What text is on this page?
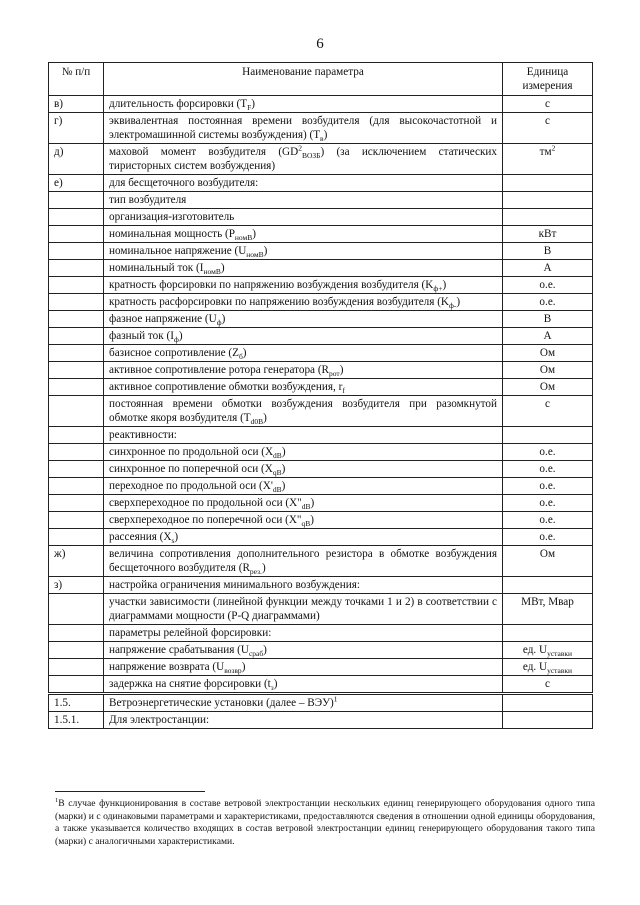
6
№ п/п	Наименование параметра	Единица
измерения
в)	длительность форсировки $(T_F)$	с
г)	эквивалентная постоянная времени возбудителя (для высокочастотной и электромашинной системы возбуждения) $(T_в)$	с
д)	маховой момент возбудителя $(GD^2_{ВОЗБ})$ (за исключением статических тиристорных систем возбуждения)	$тм^2$
е)	для бесщеточного возбудителя:	
	тип возбудителя	
	организация-изготовитель	
	номинальная мощность $(P_{номВ})$	кВт
	номинальное напряжение $(U_{номВ})$	В
	номинальный ток $(I_{номВ})$	А
	кратность форсировки по напряжению возбуждения возбудителя $(K_{ф+})$	о.е.
	кратность расфорсировки по напряжению возбуждения возбудителя $(K_{ф-})$	о.е.
	фазное напряжение $(U_ф)$	В
	фазный ток $(I_ф)$	А
	базисное сопротивление $(Z_б)$	Ом
	активное сопротивление ротора генератора $(R_{рот})$	Ом
	активное сопротивление обмотки возбуждения, $r_f$	Ом
	постоянная времени обмотки возбуждения возбудителя при разомкнутой обмотке якоря возбудителя $(T_{d0В})$	с
	реактивности:	
	синхронное по продольной оси $(X_{dВ})$	о.е.
	синхронное по поперечной оси $(X_{qВ})$	о.е.
	переходное по продольной оси $(X'_{dВ})$	о.е.
	сверхпереходное по продольной оси $(X"_{dВ})$	о.е.
	сверхпереходное по поперечной оси $(X"_{qВ})$	о.е.
	рассеяния $(X_s)$	о.е.
ж)	величина сопротивления дополнительного резистора в обмотке возбуждения бесщеточного возбудителя $(R_{рез.})$	Ом
з)	настройка ограничения минимального возбуждения:	
	участки зависимости (линейной функции между точками 1 и 2) в соответствии с диаграммами мощности (P-Q диаграммами)	МВт, Мвар
	параметры релейной форсировки:	
	напряжение срабатывания $(U_{сраб})$	ед. $U_{уставки}$
	напряжение возврата $(U_{возвр})$	ед. $U_{уставки}$
	задержка на снятие форсировки $(t_з)$	с
1.5.	Ветроэнергетические установки (далее – ВЭУ)$^1$	
1.5.1.	Для электростанции:	
$^1$В случае функционирования в составе ветровой электростанции нескольких единиц генерирующего оборудования одного типа (марки) и с одинаковыми параметрами и характеристиками, предоставляются сведения в отношении одной единицы оборудования, а также указывается количество входящих в состав ветровой электростанции единиц генерирующего оборудования такого типа (марки) с аналогичными характеристиками.
